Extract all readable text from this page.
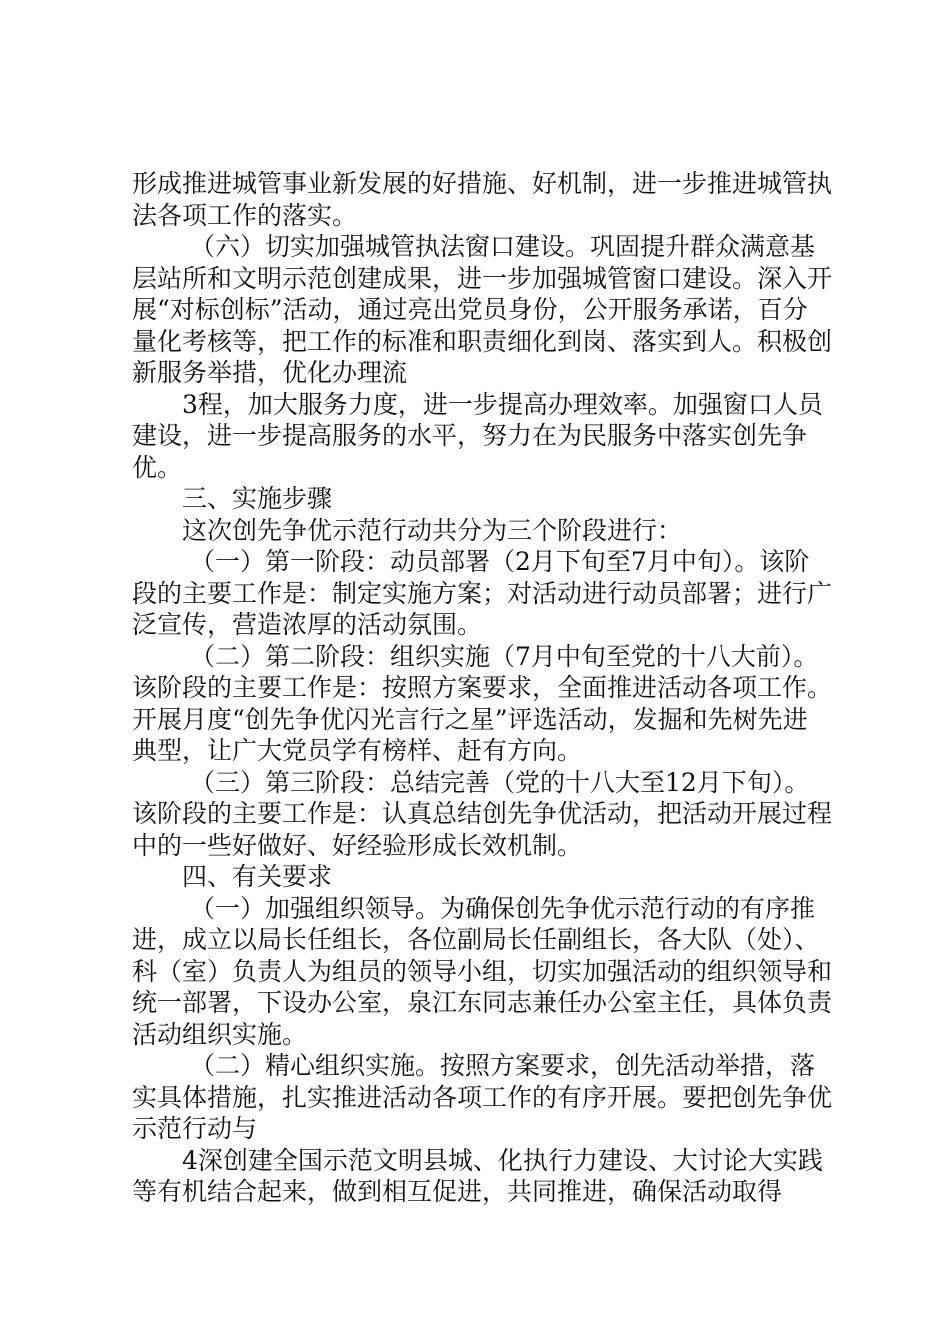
形成推进城管事业新发展的好措施、好机制，进一步推进城管执法各项工作的落实。

（六）切实加强城管执法窗口建设。巩固提升群众满意基层站所和文明示范创建成果，进一步加强城管窗口建设。深入开展“对标创标”活动，通过亮出党员身份，公开服务承诺，百分量化考核等，把工作的标准和职责细化到岗、落实到人。积极创新服务举措，优化办理流

3程，加大服务力度，进一步提高办理效率。加强窗口人员建设，进一步提高服务的水平，努力在为民服务中落实创先争优。

三、实施步骤

这次创先争优示范行动共分为三个阶段进行：

（一）第一阶段：动员部署（2月下旬至7月中旬）。该阶段的主要工作是：制定实施方案；对活动进行动员部署；进行广泛宣传，营造浓厚的活动氛围。

（二）第二阶段：组织实施（7月中旬至党的十八大前）。该阶段的主要工作是：按照方案要求，全面推进活动各项工作。开展月度“创先争优闪光言行之星”评选活动，发掘和先树先进典型，让广大党员学有榜样、赶有方向。

（三）第三阶段：总结完善（党的十八大至12月下旬）。该阶段的主要工作是：认真总结创先争优活动，把活动开展过程中的一些好做好、好经验形成长效机制。

四、有关要求

（一）加强组织领导。为确保创先争优示范行动的有序推进，成立以局长任组长，各位副局长任副组长，各大队（处）、科（室）负责人为组员的领导小组，切实加强活动的组织领导和统一部署，下设办公室，泉江东同志兼任办公室主任，具体负责活动组织实施。

（二）精心组织实施。按照方案要求，创先活动举措，落实具体措施，扎实推进活动各项工作的有序开展。要把创先争优示范行动与

4深创建全国示范文明县城、化执行力建设、大讨论大实践等有机结合起来，做到相互促进，共同推进，确保活动取得
